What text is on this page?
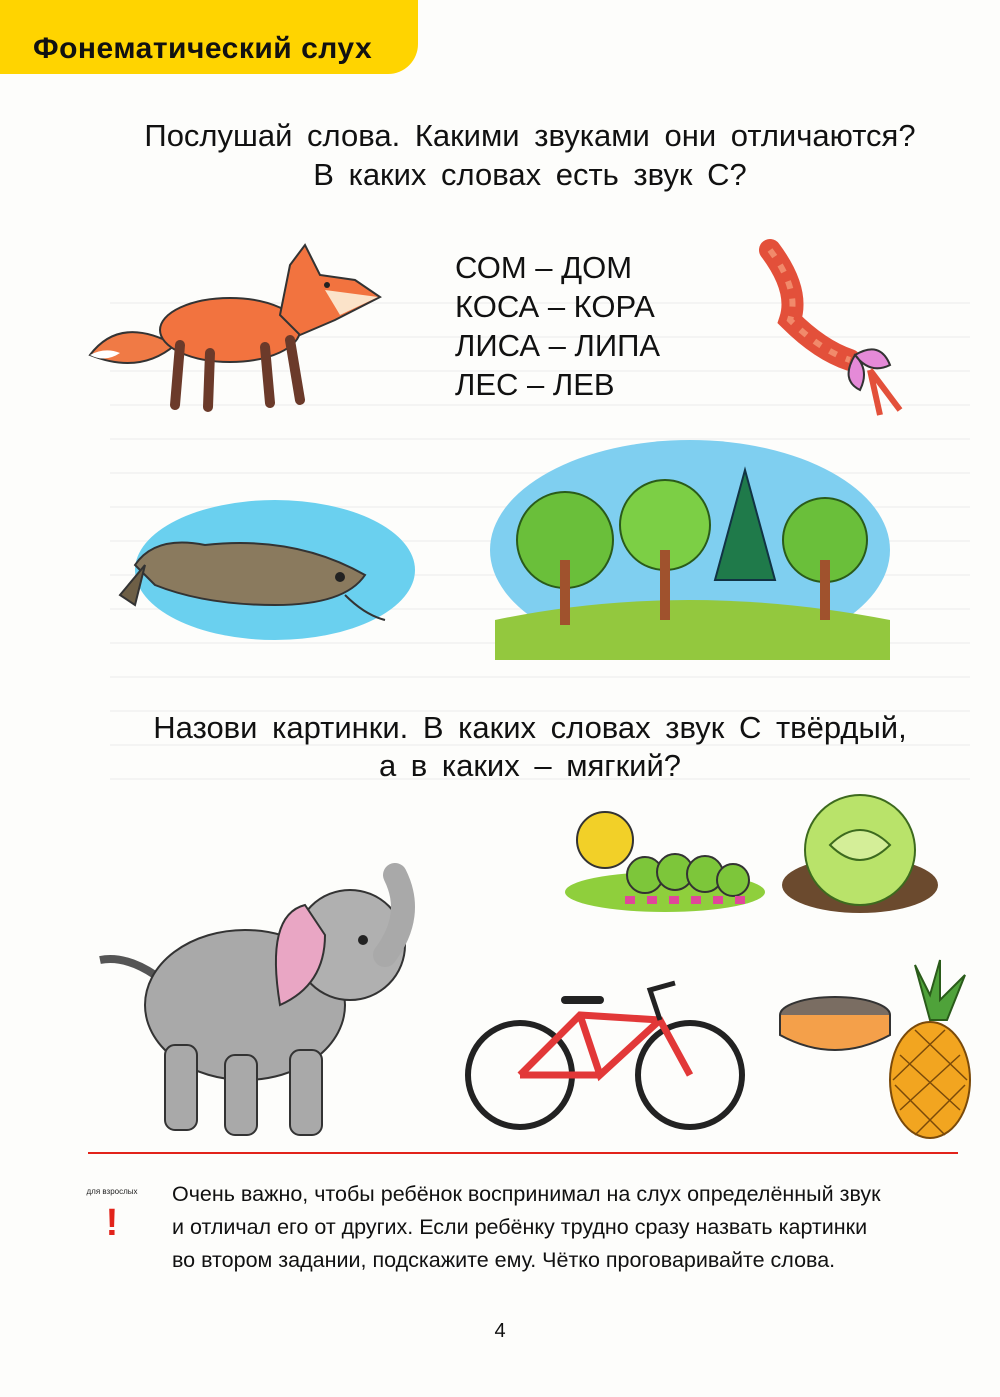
Фонематический слух
Послушай слова. Какими звуками они отличаются?
В каких словах есть звук С?
СОМ – ДОМ
КОСА – КОРА
ЛИСА – ЛИПА
ЛЕС – ЛЕВ
Назови картинки. В каких словах звук С твёрдый,
а в каких – мягкий?
для взрослых
!
Очень важно, чтобы ребёнок воспринимал на слух определённый звук
и отличал его от других. Если ребёнку трудно сразу назвать картинки
во втором задании, подскажите ему. Чётко проговаривайте слова.
4
